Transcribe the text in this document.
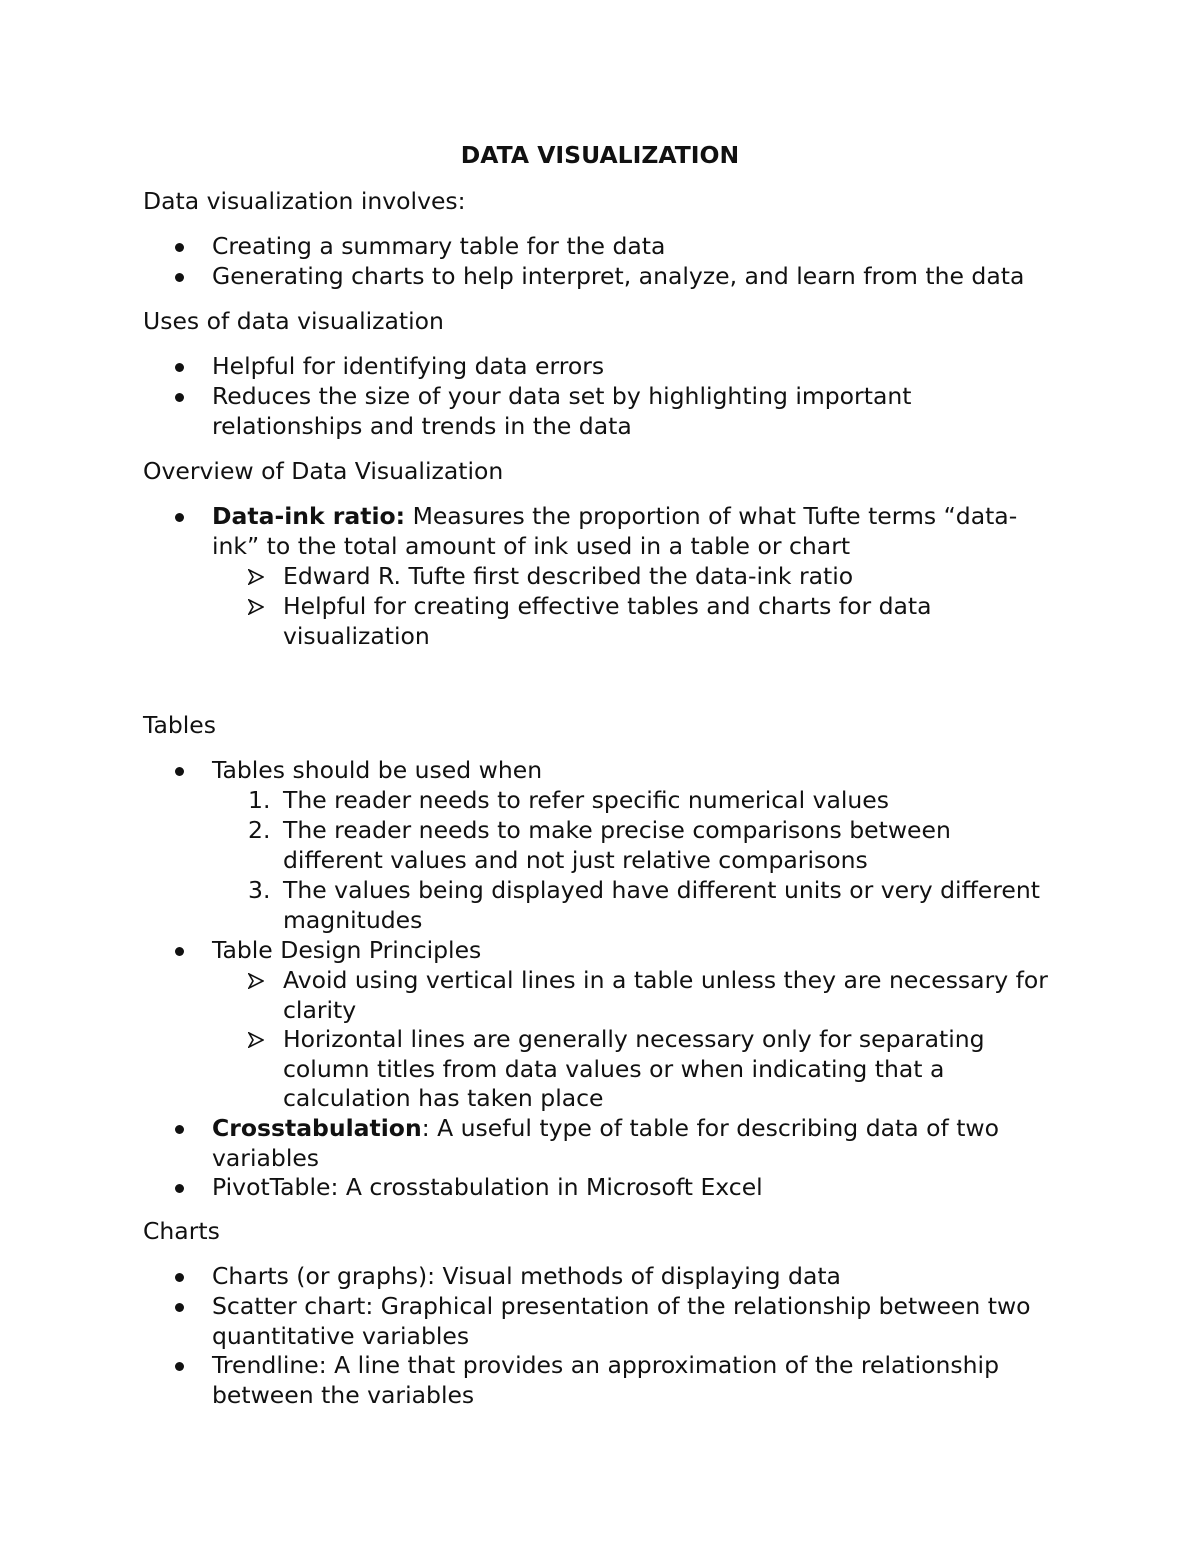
DATA VISUALIZATION
Data visualization involves:
Creating a summary table for the data
Generating charts to help interpret, analyze, and learn from the data
Uses of data visualization
Helpful for identifying data errors
Reduces the size of your data set by highlighting important
relationships and trends in the data
Overview of Data Visualization
Data-ink ratio: Measures the proportion of what Tufte terms “data-
ink” to the total amount of ink used in a table or chart
Edward R. Tufte first described the data-ink ratio
Helpful for creating effective tables and charts for data
visualization
Tables
Tables should be used when
1. The reader needs to refer specific numerical values
2. The reader needs to make precise comparisons between
different values and not just relative comparisons
3. The values being displayed have different units or very different
magnitudes
Table Design Principles
Avoid using vertical lines in a table unless they are necessary for
clarity
Horizontal lines are generally necessary only for separating
column titles from data values or when indicating that a
calculation has taken place
Crosstabulation: A useful type of table for describing data of two
variables
PivotTable: A crosstabulation in Microsoft Excel
Charts
Charts (or graphs): Visual methods of displaying data
Scatter chart: Graphical presentation of the relationship between two
quantitative variables
Trendline: A line that provides an approximation of the relationship
between the variables
